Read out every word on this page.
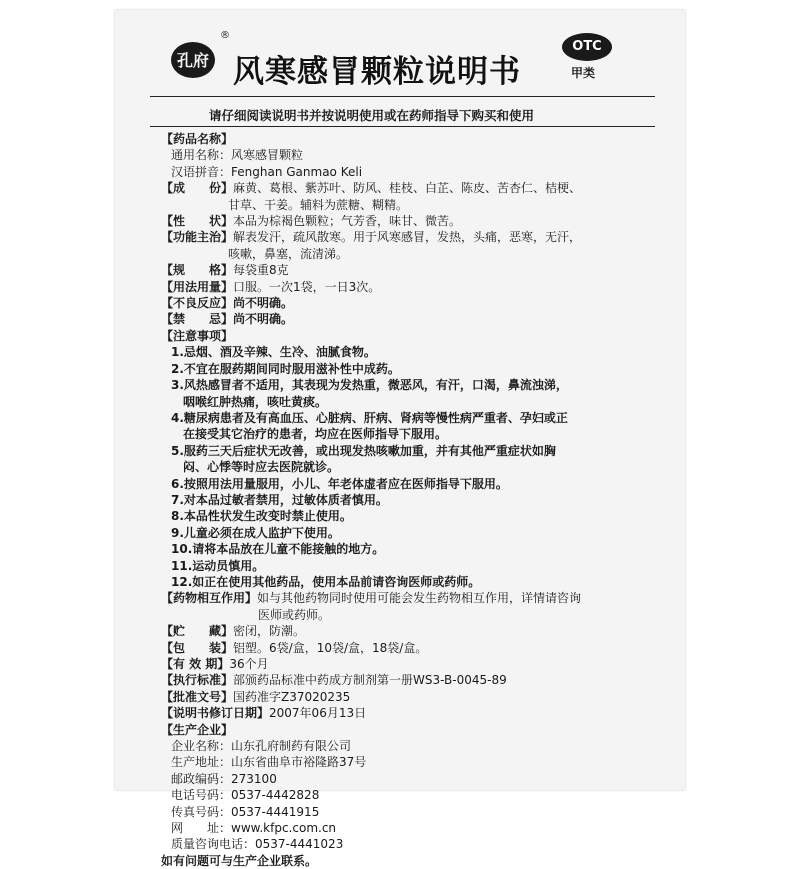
孔府
®
风寒感冒颗粒说明书
OTC
甲类
请仔细阅读说明书并按说明使用或在药师指导下购买和使用
【药品名称】
通用名称：风寒感冒颗粒
汉语拼音：Fenghan Ganmao Keli
【成　　份】麻黄、葛根、紫苏叶、防风、桂枝、白芷、陈皮、苦杏仁、桔梗、
甘草、干姜。辅料为蔗糖、糊精。
【性　　状】本品为棕褐色颗粒；气芳香，味甘、微苦。
【功能主治】解表发汗，疏风散寒。用于风寒感冒，发热，头痛，恶寒，无汗，
咳嗽，鼻塞，流清涕。
【规　　格】每袋重8克
【用法用量】口服。一次1袋，一日3次。
【不良反应】尚不明确。
【禁　　忌】尚不明确。
【注意事项】
1.忌烟、酒及辛辣、生冷、油腻食物。
2.不宜在服药期间同时服用滋补性中成药。
3.风热感冒者不适用，其表现为发热重，微恶风，有汗，口渴，鼻流浊涕，
　咽喉红肿热痛，咳吐黄痰。
4.糖尿病患者及有高血压、心脏病、肝病、肾病等慢性病严重者、孕妇或正
　在接受其它治疗的患者，均应在医师指导下服用。
5.服药三天后症状无改善，或出现发热咳嗽加重，并有其他严重症状如胸
　闷、心悸等时应去医院就诊。
6.按照用法用量服用，小儿、年老体虚者应在医师指导下服用。
7.对本品过敏者禁用，过敏体质者慎用。
8.本品性状发生改变时禁止使用。
9.儿童必须在成人监护下使用。
10.请将本品放在儿童不能接触的地方。
11.运动员慎用。
12.如正在使用其他药品，使用本品前请咨询医师或药师。
【药物相互作用】如与其他药物同时使用可能会发生药物相互作用，详情请咨询
医师或药师。
【贮　　藏】密闭，防潮。
【包　　装】铝塑。6袋/盒，10袋/盒，18袋/盒。
【有 效 期】36个月
【执行标准】部颁药品标准中药成方制剂第一册WS3-B-0045-89
【批准文号】国药准字Z37020235
【说明书修订日期】2007年06月13日
【生产企业】
企业名称：山东孔府制药有限公司
生产地址：山东省曲阜市裕隆路37号
邮政编码：273100
电话号码：0537-4442828
传真号码：0537-4441915
网　　址：www.kfpc.com.cn
质量咨询电话：0537-4441023
如有问题可与生产企业联系。
